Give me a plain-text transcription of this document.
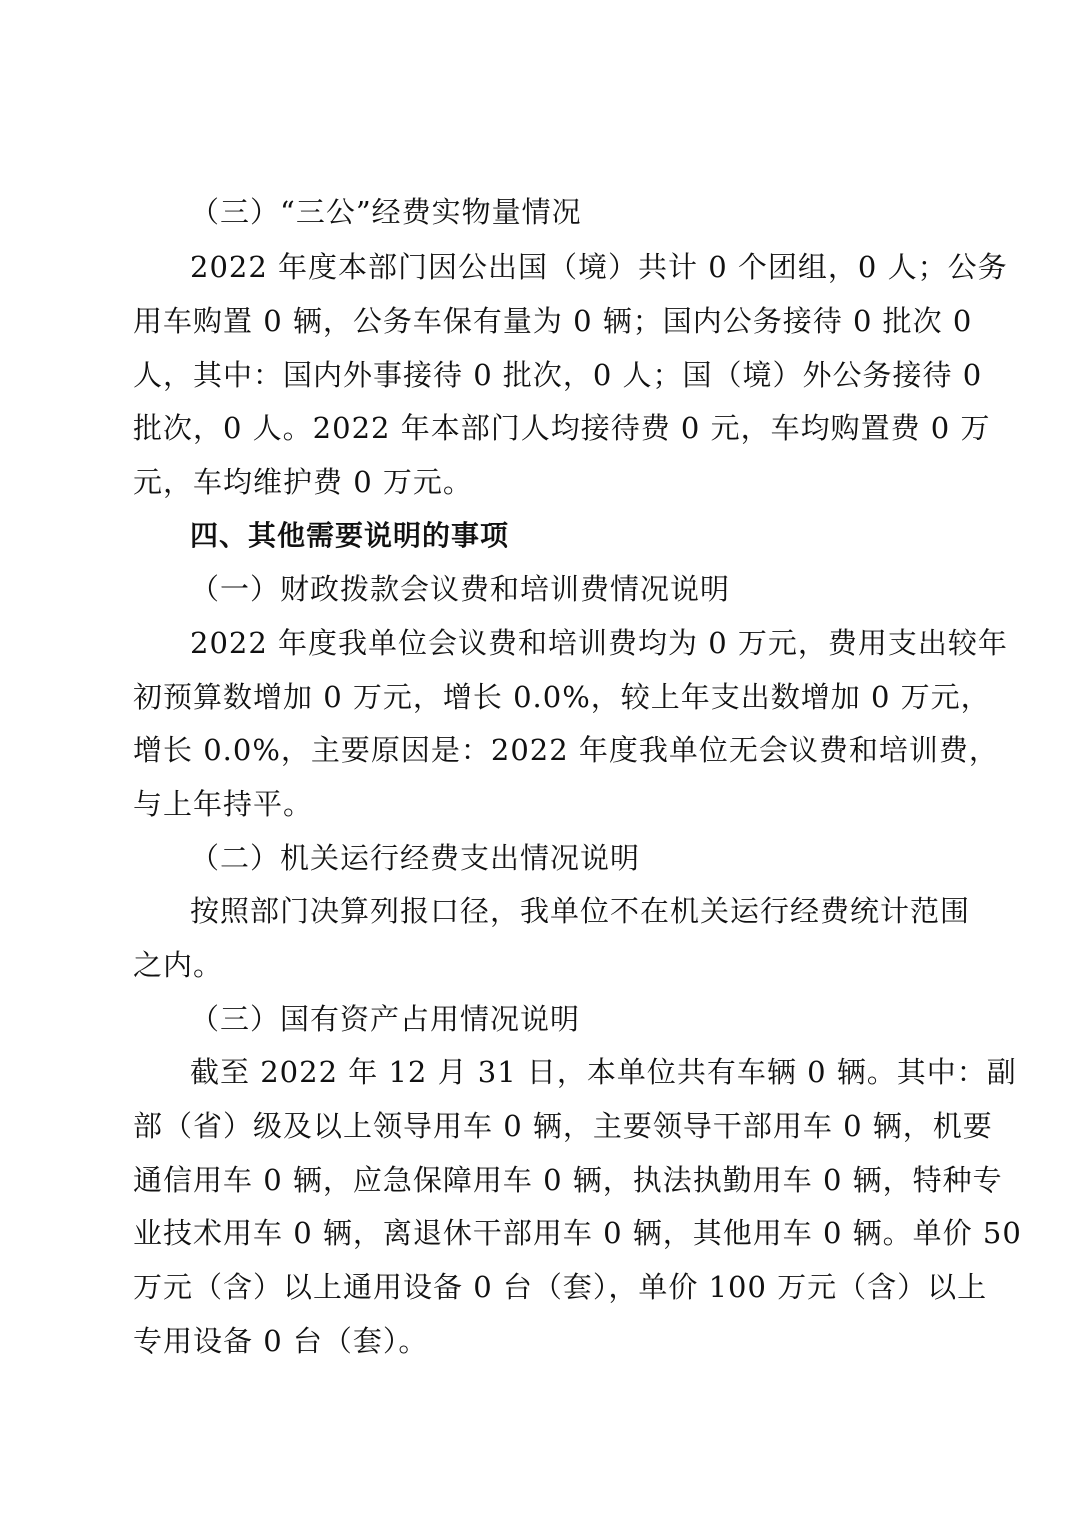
（三）“三公”经费实物量情况
2022 年度本部门因公出国（境）共计 0 个团组，0 人；公务
用车购置 0 辆，公务车保有量为 0 辆；国内公务接待 0 批次 0
人，其中：国内外事接待 0 批次，0 人；国（境）外公务接待 0
批次，0 人。2022 年本部门人均接待费 0 元，车均购置费 0 万
元，车均维护费 0 万元。
四、其他需要说明的事项
（一）财政拨款会议费和培训费情况说明
2022 年度我单位会议费和培训费均为 0 万元，费用支出较年
初预算数增加 0 万元，增长 0.0%，较上年支出数增加 0 万元，
增长 0.0%，主要原因是：2022 年度我单位无会议费和培训费，
与上年持平。
（二）机关运行经费支出情况说明
按照部门决算列报口径，我单位不在机关运行经费统计范围
之内。
（三）国有资产占用情况说明
截至 2022 年 12 月 31 日，本单位共有车辆 0 辆。其中：副
部（省）级及以上领导用车 0 辆，主要领导干部用车 0 辆，机要
通信用车 0 辆，应急保障用车 0 辆，执法执勤用车 0 辆，特种专
业技术用车 0 辆，离退休干部用车 0 辆，其他用车 0 辆。单价 50
万元（含）以上通用设备 0 台（套），单价 100 万元（含）以上
专用设备 0 台（套）。
